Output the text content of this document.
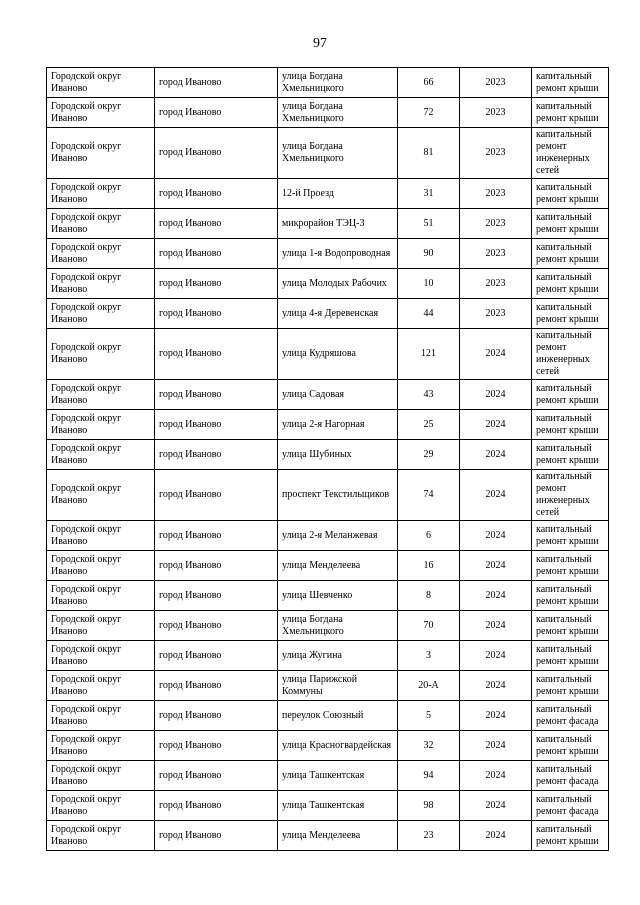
97
Городской округ Иваново	город Иваново	улица Богдана Хмельницкого	66	2023	капитальный ремонт крыши
Городской округ Иваново	город Иваново	улица Богдана Хмельницкого	72	2023	капитальный ремонт крыши
Городской округ Иваново	город Иваново	улица Богдана Хмельницкого	81	2023	капитальный ремонт инженерных сетей
Городской округ Иваново	город Иваново	12-й Проезд	31	2023	капитальный ремонт крыши
Городской округ Иваново	город Иваново	микрорайон ТЭЦ-3	51	2023	капитальный ремонт крыши
Городской округ Иваново	город Иваново	улица 1-я Водопроводная	90	2023	капитальный ремонт крыши
Городской округ Иваново	город Иваново	улица Молодых Рабочих	10	2023	капитальный ремонт крыши
Городской округ Иваново	город Иваново	улица 4-я Деревенская	44	2023	капитальный ремонт крыши
Городской округ Иваново	город Иваново	улица Кудряшова	121	2024	капитальный ремонт инженерных сетей
Городской округ Иваново	город Иваново	улица Садовая	43	2024	капитальный ремонт крыши
Городской округ Иваново	город Иваново	улица 2-я Нагорная	25	2024	капитальный ремонт крыши
Городской округ Иваново	город Иваново	улица Шубиных	29	2024	капитальный ремонт крыши
Городской округ Иваново	город Иваново	проспект Текстильщиков	74	2024	капитальный ремонт инженерных сетей
Городской округ Иваново	город Иваново	улица 2-я Меланжевая	6	2024	капитальный ремонт крыши
Городской округ Иваново	город Иваново	улица Менделеева	16	2024	капитальный ремонт крыши
Городской округ Иваново	город Иваново	улица Шевченко	8	2024	капитальный ремонт крыши
Городской округ Иваново	город Иваново	улица Богдана Хмельницкого	70	2024	капитальный ремонт крыши
Городской округ Иваново	город Иваново	улица Жугина	3	2024	капитальный ремонт крыши
Городской округ Иваново	город Иваново	улица Парижской Коммуны	20-А	2024	капитальный ремонт крыши
Городской округ Иваново	город Иваново	переулок Союзный	5	2024	капитальный ремонт фасада
Городской округ Иваново	город Иваново	улица Красногвардейская	32	2024	капитальный ремонт крыши
Городской округ Иваново	город Иваново	улица Ташкентская	94	2024	капитальный ремонт фасада
Городской округ Иваново	город Иваново	улица Ташкентская	98	2024	капитальный ремонт фасада
Городской округ Иваново	город Иваново	улица Менделеева	23	2024	капитальный ремонт крыши
